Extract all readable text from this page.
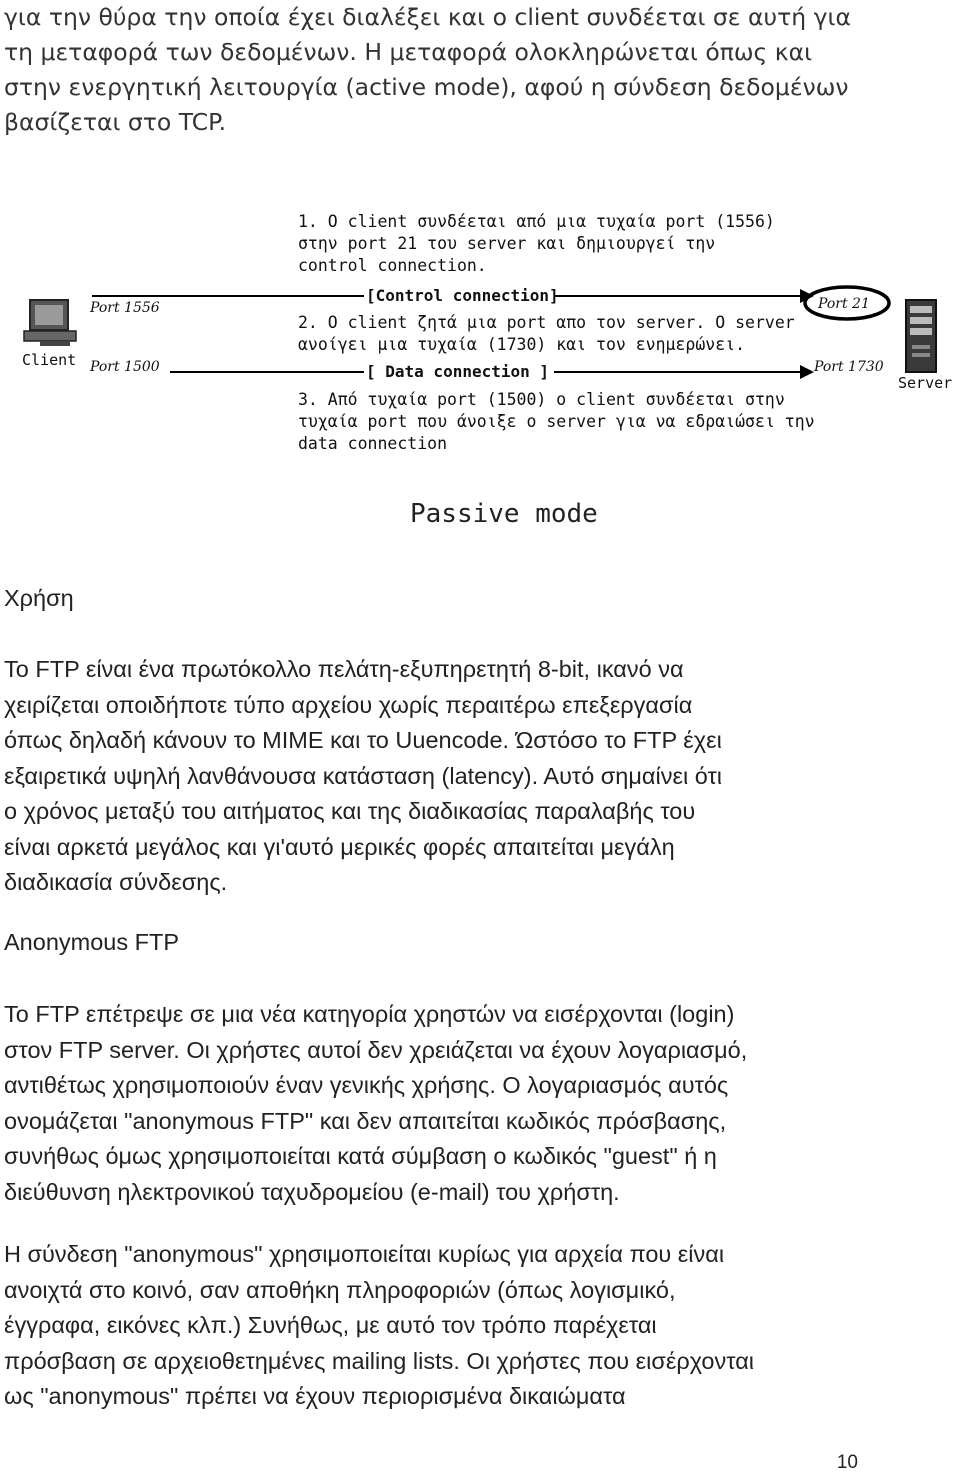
για την θύρα την οποία έχει διαλέξει και ο client συνδέεται σε αυτή για
τη μεταφορά των δεδομένων. Η μεταφορά ολοκληρώνεται όπως και
στην ενεργητική λειτουργία (active mode), αφού η σύνδεση δεδομένων
βασίζεται στο TCP.
Client
Server
Port 1556
Port 1500
Port 21
Port 1730
1. O client συνδέεται από μια τυχαία port (1556)
στην port 21 του server και δημιουργεί την
control connection.
[Control connection]
2. O client ζητά μια port απο τον server. O server
ανοίγει μια τυχαία (1730) και τον ενημερώνει.
[ Data connection ]
3. Από τυχαία port (1500) ο client συνδέεται στην
τυχαία port που άνοιξε ο server για να εδραιώσει την
data connection
Passive mode
Χρήση
Το FTP είναι ένα πρωτόκολλο πελάτη-εξυπηρετητή 8-bit, ικανό να
χειρίζεται οποιδήποτε τύπο αρχείου χωρίς περαιτέρω επεξεργασία
όπως δηλαδή κάνουν το MIME και το Uuencode. Ώστόσο το FTP έχει
εξαιρετικά υψηλή λανθάνουσα κατάσταση (latency). Αυτό σημαίνει ότι
ο χρόνος μεταξύ του αιτήματος και της διαδικασίας παραλαβής του
είναι αρκετά μεγάλος και γι'αυτό μερικές φορές απαιτείται μεγάλη
διαδικασία σύνδεσης.
Anonymous FTP
Το FTP επέτρεψε σε μια νέα κατηγορία χρηστών να εισέρχονται (login)
στον FTP server. Οι χρήστες αυτοί δεν χρειάζεται να έχουν λογαριασμό,
αντιθέτως χρησιμοποιούν έναν γενικής χρήσης. Ο λογαριασμός αυτός
ονομάζεται "anonymous FTP" και δεν απαιτείται κωδικός πρόσβασης,
συνήθως όμως χρησιμοποιείται κατά σύμβαση ο κωδικός "guest" ή η
διεύθυνση ηλεκτρονικού ταχυδρομείου (e-mail) του χρήστη.
Η σύνδεση "anonymous" χρησιμοποιείται κυρίως για αρχεία που είναι
ανοιχτά στο κοινό, σαν αποθήκη πληροφοριών (όπως λογισμικό,
έγγραφα, εικόνες κλπ.) Συνήθως, με αυτό τον τρόπο παρέχεται
πρόσβαση σε αρχειοθετημένες mailing lists. Οι χρήστες που εισέρχονται
ως "anonymous" πρέπει να έχουν περιορισμένα δικαιώματα
10
